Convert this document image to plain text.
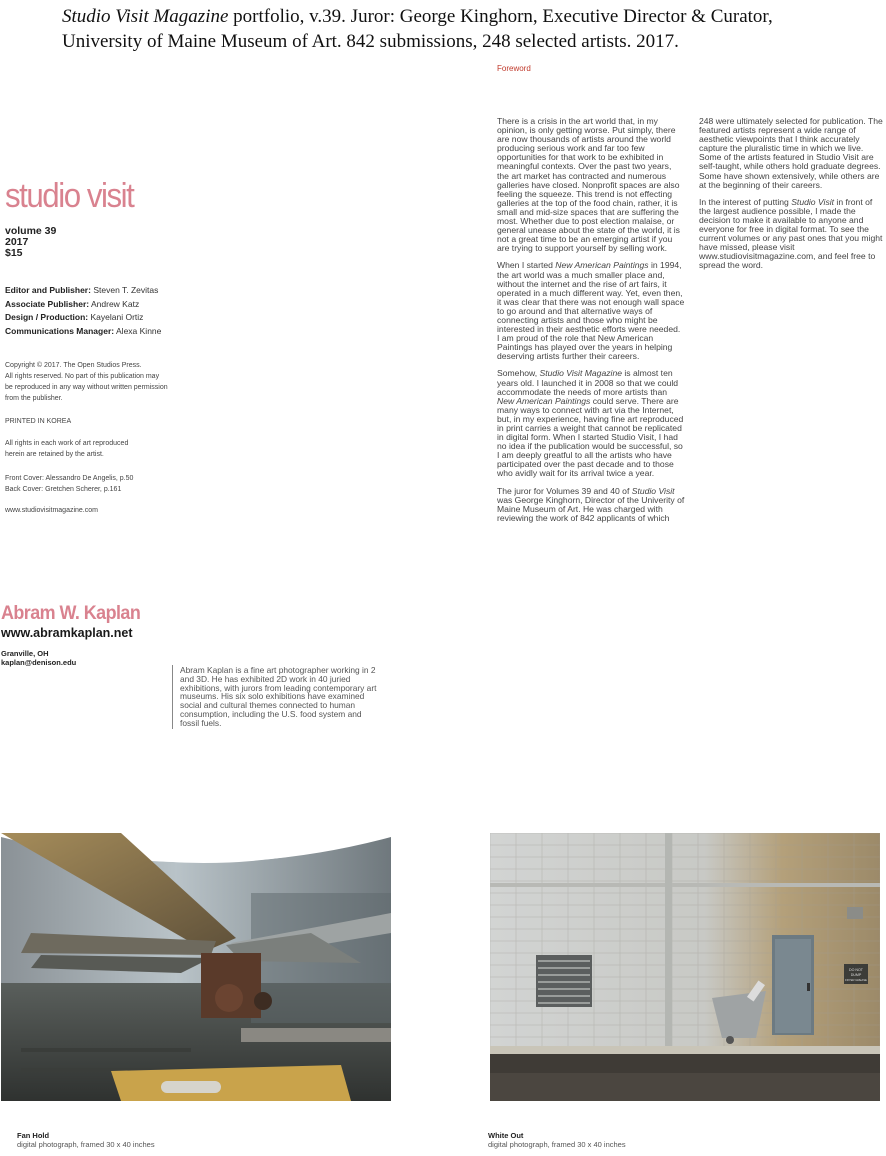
Studio Visit Magazine portfolio, v.39. Juror: George Kinghorn, Executive Director & Curator,
University of Maine Museum of Art. 842 submissions, 248 selected artists. 2017.
Foreword
studio visit
volume 39
2017
$15
Editor and Publisher: Steven T. Zevitas
Associate Publisher: Andrew Katz
Design / Production: Kayelani Ortiz
Communications Manager: Alexa Kinne
Copyright © 2017. The Open Studios Press.
All rights reserved. No part of this publication may
be reproduced in any way without written permission
from the publisher.
PRINTED IN KOREA
All rights in each work of art reproduced
herein are retained by the artist.
Front Cover: Alessandro De Angelis, p.50
Back Cover: Gretchen Scherer, p.161
www.studiovisitmagazine.com

There is a crisis in the art world that, in my opinion, is only getting worse. Put simply, there are now thousands of artists around the world producing serious work and far too few opportunities for that work to be exhibited in meaningful contexts. Over the past two years, the art market has contracted and numerous galleries have closed. Nonprofit spaces are also feeling the squeeze. This trend is not effecting galleries at the top of the food chain, rather, it is small and mid-size spaces that are suffering the most. Whether due to post election malaise, or general unease about the state of the world, it is not a great time to be an emerging artist if you are trying to support yourself by selling work.

When I started New American Paintings in 1994, the art world was a much smaller place and, without the internet and the rise of art fairs, it operated in a much different way. Yet, even then, it was clear that there was not enough wall space to go around and that alternative ways of connecting artists and those who might be interested in their aesthetic efforts were needed. I am proud of the role that New American Paintings has played over the years in helping deserving artists further their careers.

Somehow, Studio Visit Magazine is almost ten years old. I launched it in 2008 so that we could accommodate the needs of more artists than New American Paintings could serve. There are many ways to connect with art via the Internet, but, in my experience, having fine art reproduced in print carries a weight that cannot be replicated in digital form. When I started Studio Visit, I had no idea if the publication would be successful, so I am deeply greatful to all the artists who have participated over the past decade and to those who avidly wait for its arrival twice a year.

The juror for Volumes 39 and 40 of Studio Visit was George Kinghorn, Director of the Univerity of Maine Museum of Art. He was charged with reviewing the work of 842 applicants of which

248 were ultimately selected for publication. The featured artists represent a wide range of aesthetic viewpoints that I think accurately capture the pluralistic time in which we live. Some of the artists featured in Studio Visit are self-taught, while others hold graduate degrees. Some have shown extensively, while others are at the beginning of their careers.

In the interest of putting Studio Visit in front of the largest audience possible, I made the decision to make it available to anyone and everyone for free in digital format. To see the current volumes or any past ones that you might have missed, please visit www.studiovisitmagazine.com, and feel free to spread the word.

Abram W. Kaplan
www.abramkaplan.net
Granville, OH
kaplan@denison.edu
Abram Kaplan is a fine art photographer working in 2 and 3D. He has exhibited 2D work in 40 juried exhibitions, with jurors from leading contemporary art museums. His six solo exhibitions have examined social and cultural themes connected to human consumption, including the U.S. food system and fossil fuels.
Fan Hold
digital photograph, framed 30 x 40 inches
DO NOT
DUMP
FRYER GREASE
White Out
digital photograph, framed 30 x 40 inches
